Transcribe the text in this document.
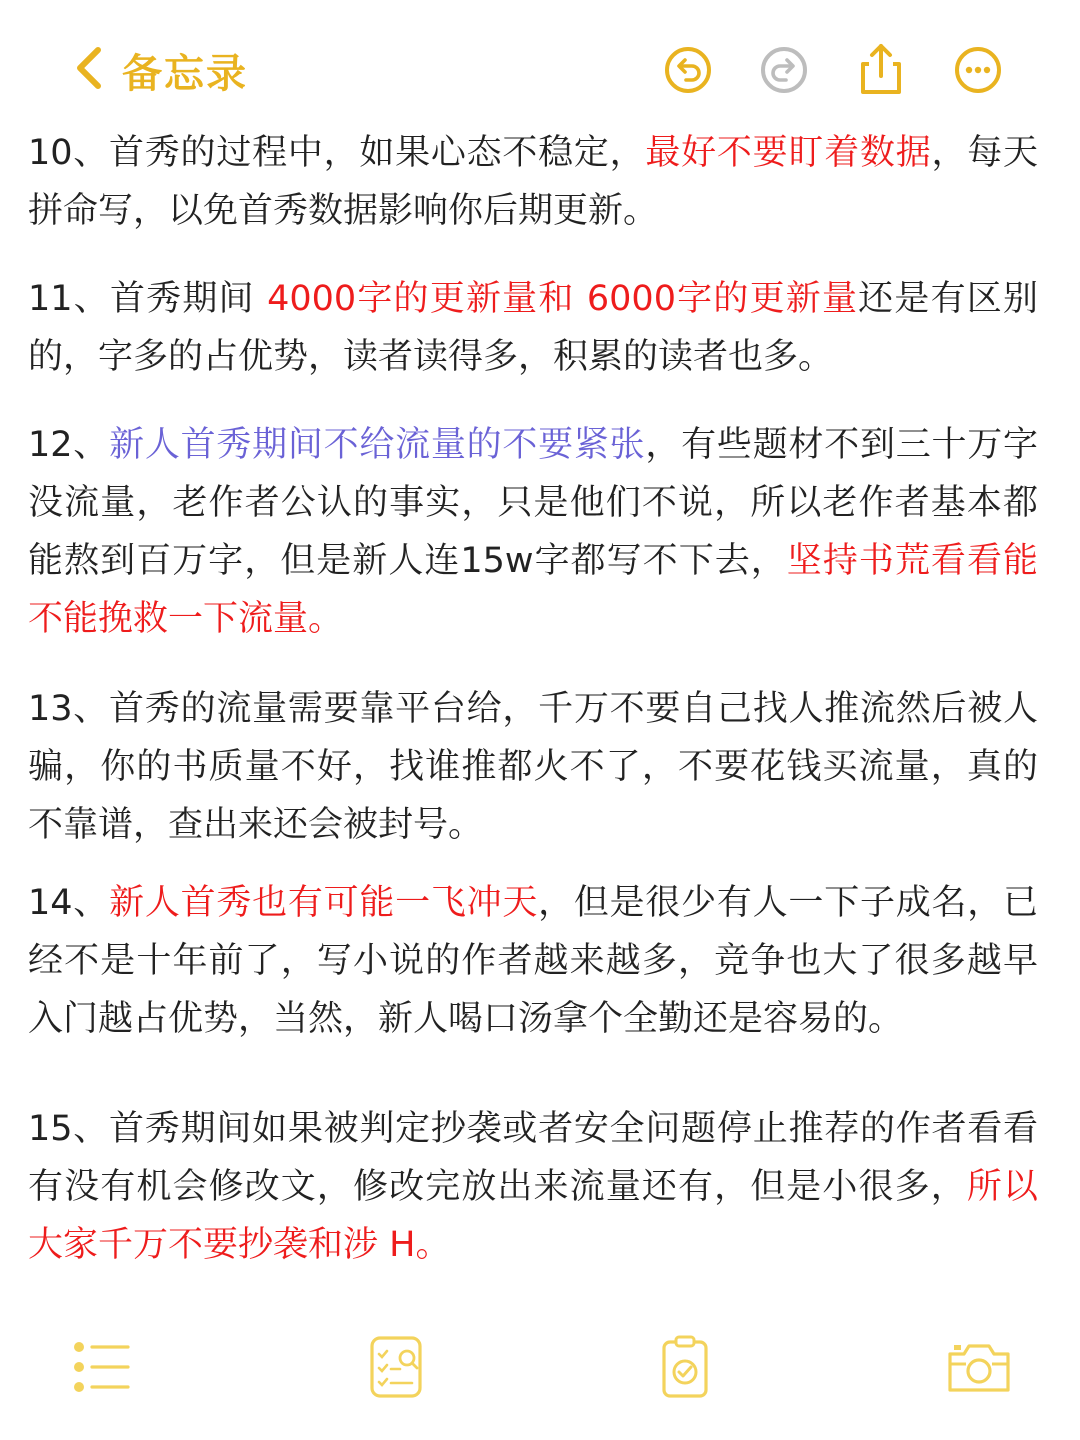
备忘录

10、首秀的过程中，如果心态不稳定，最好不要盯着数据，每天拼命写，以免首秀数据影响你后期更新。

11、首秀期间 4000字的更新量和 6000字的更新量还是有区别的，字多的占优势，读者读得多，积累的读者也多。

12、新人首秀期间不给流量的不要紧张，有些题材不到三十万字没流量，老作者公认的事实，只是他们不说，所以老作者基本都能熬到百万字，但是新人连15w字都写不下去，坚持书荒看看能不能挽救一下流量。

13、首秀的流量需要靠平台给，千万不要自己找人推流然后被人骗，你的书质量不好，找谁推都火不了，不要花钱买流量，真的不靠谱，查出来还会被封号。

14、新人首秀也有可能一飞冲天，但是很少有人一下子成名，已经不是十年前了，写小说的作者越来越多，竞争也大了很多越早入门越占优势，当然，新人喝口汤拿个全勤还是容易的。

15、首秀期间如果被判定抄袭或者安全问题停止推荐的作者看看有没有机会修改文，修改完放出来流量还有，但是小很多，所以大家千万不要抄袭和涉 H。
